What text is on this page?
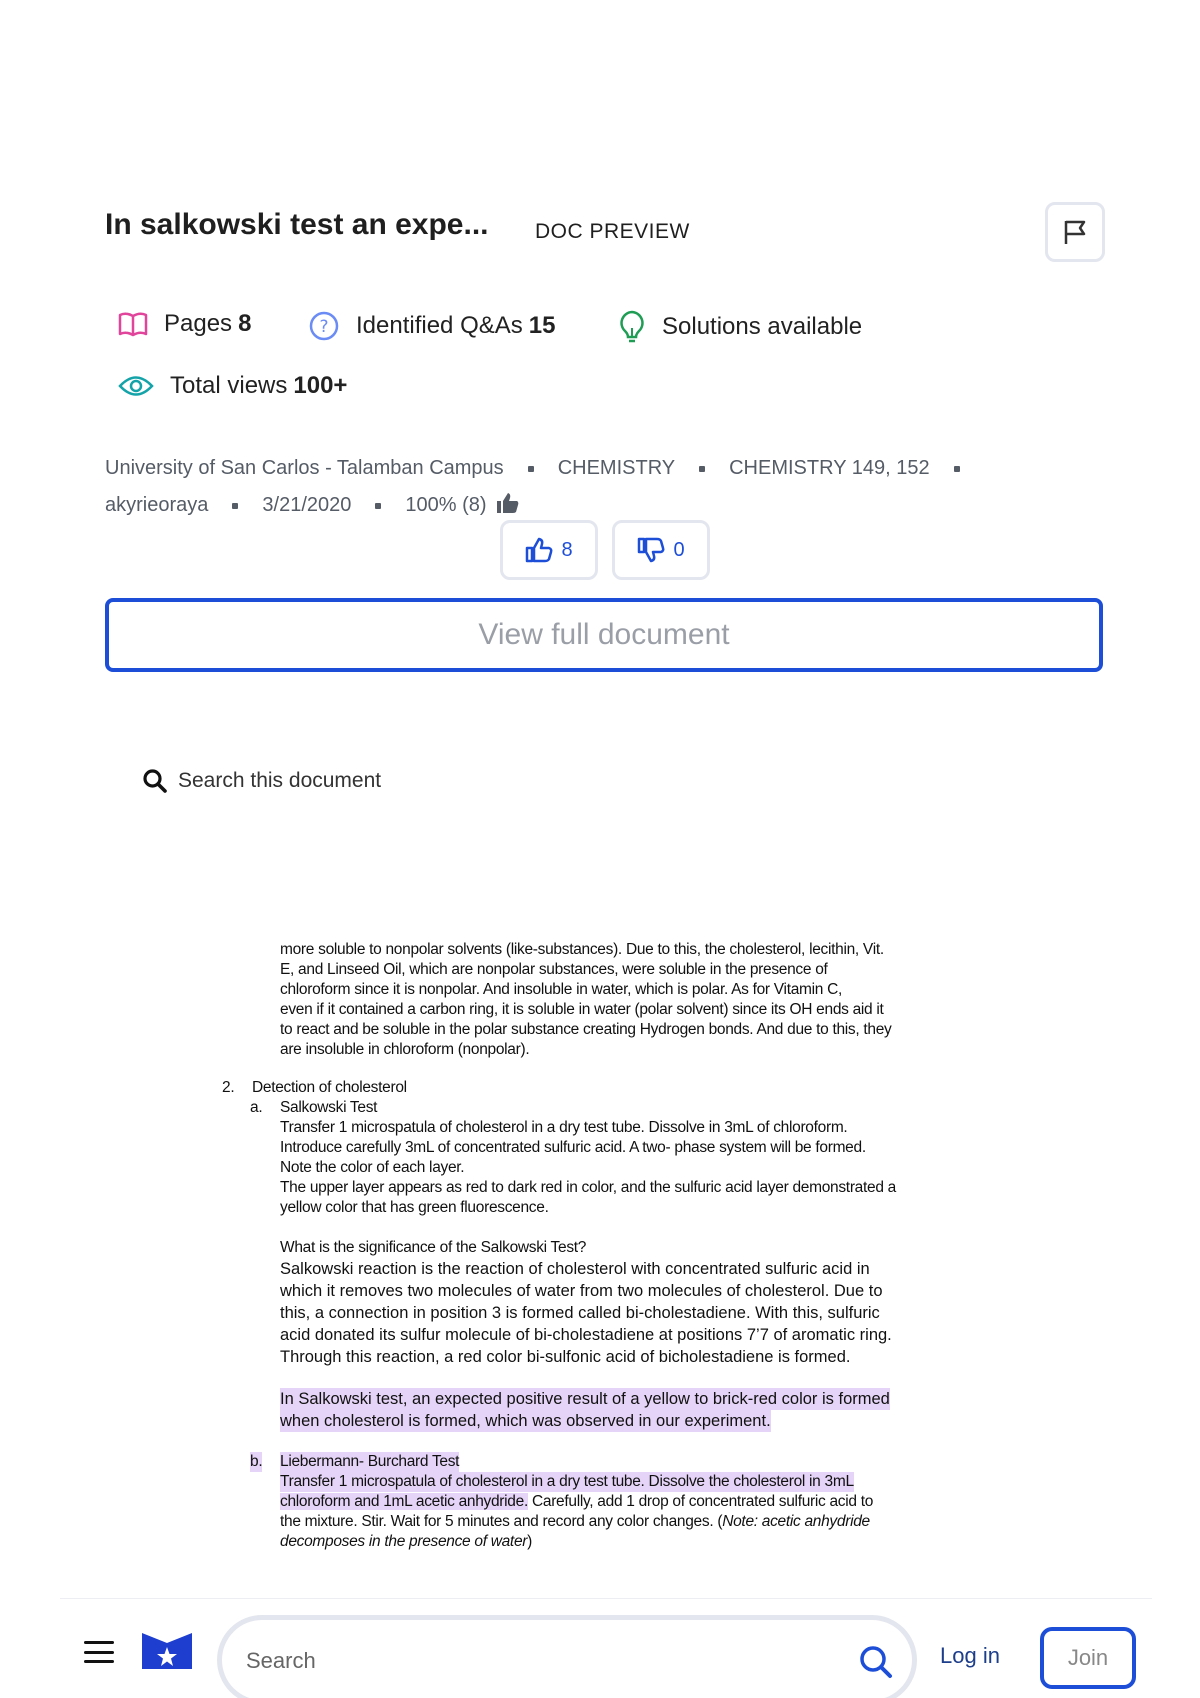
In salkowski test an expe... DOC PREVIEW
Pages 8	? Identified Q&As 15	Solutions available
Total views 100+
University of San Carlos - Talamban Campus	CHEMISTRY	CHEMISTRY 149, 152
akyrieoraya	3/21/2020	100% (8)
8	0
View full document
Search this document

more soluble to nonpolar solvents (like-substances). Due to this, the cholesterol, lecithin, Vit.

E, and Linseed Oil, which are nonpolar substances, were soluble in the presence of

chloroform since it is nonpolar. And insoluble in water, which is polar. As for Vitamin C,

even if it contained a carbon ring, it is soluble in water (polar solvent) since its OH ends aid it

to react and be soluble in the polar substance creating Hydrogen bonds. And due to this, they

are insoluble in chloroform (nonpolar).

2. Detection of cholesterol

a. Salkowski Test

Transfer 1 microspatula of cholesterol in a dry test tube. Dissolve in 3mL of chloroform.

Introduce carefully 3mL of concentrated sulfuric acid. A two- phase system will be formed.

Note the color of each layer.

The upper layer appears as red to dark red in color, and the sulfuric acid layer demonstrated a

yellow color that has green fluorescence.

What is the significance of the Salkowski Test?

Salkowski reaction is the reaction of cholesterol with concentrated sulfuric acid in

which it removes two molecules of water from two molecules of cholesterol. Due to

this, a connection in position 3 is formed called bi-cholestadiene. With this, sulfuric

acid donated its sulfur molecule of bi-cholestadiene at positions 7’7 of aromatic ring.

Through this reaction, a red color bi-sulfonic acid of bicholestadiene is formed.

In Salkowski test, an expected positive result of a yellow to brick-red color is formed

when cholesterol is formed, which was observed in our experiment.

b. Liebermann- Burchard Test

Transfer 1 microspatula of cholesterol in a dry test tube. Dissolve the cholesterol in 3mL

chloroform and 1mL acetic anhydride. Carefully, add 1 drop of concentrated sulfuric acid to

the mixture. Stir. Wait for 5 minutes and record any color changes. (Note: acetic anhydride

decomposes in the presence of water)

Search	Log in	Join
